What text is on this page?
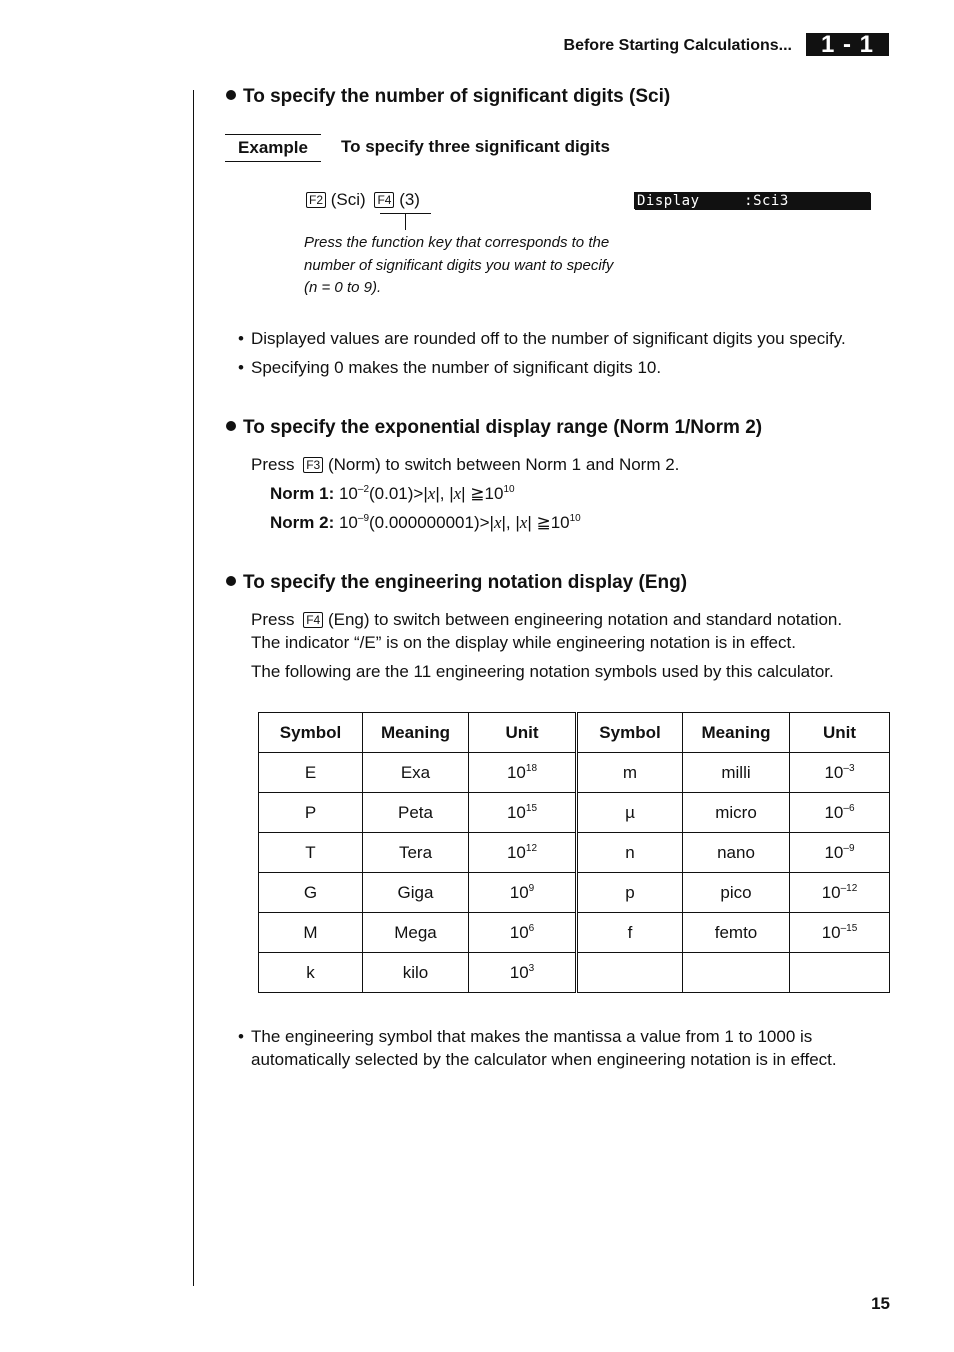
Before Starting Calculations...	1 - 1
To specify the number of significant digits (Sci)
Example	To specify three significant digits
F2 (Sci) F4 (3)
Press the function key that corresponds to the number of significant digits you want to specify (n = 0 to 9).
Display     :Sci3
• Displayed values are rounded off to the number of significant digits you specify.
• Specifying 0 makes the number of significant digits 10.
To specify the exponential display range (Norm 1/Norm 2)
Press F3 (Norm) to switch between Norm 1 and Norm 2.
Norm 1: $10^{-2}(0.01)>|x|$, |x| $≧10^{10}$
Norm 2: $10^{-9}(0.000000001)>|x|$, |x| $≧10^{10}$
To specify the engineering notation display (Eng)
Press F4 (Eng) to switch between engineering notation and standard notation.
The indicator “/E” is on the display while engineering notation is in effect.
The following are the 11 engineering notation symbols used by this calculator.
Symbol	Meaning	Unit	Symbol	Meaning	Unit
E	Exa	$10^{18}$	m	milli	$10^{-3}$
P	Peta	$10^{15}$	µ	micro	$10^{-6}$
T	Tera	$10^{12}$	n	nano	$10^{-9}$
G	Giga	$10^9$	p	pico	$10^{-12}$
M	Mega	$10^6$	f	femto	$10^{-15}$
k	kilo	$10^3$			
• The engineering symbol that makes the mantissa a value from 1 to 1000 is
automatically selected by the calculator when engineering notation is in effect.
15
